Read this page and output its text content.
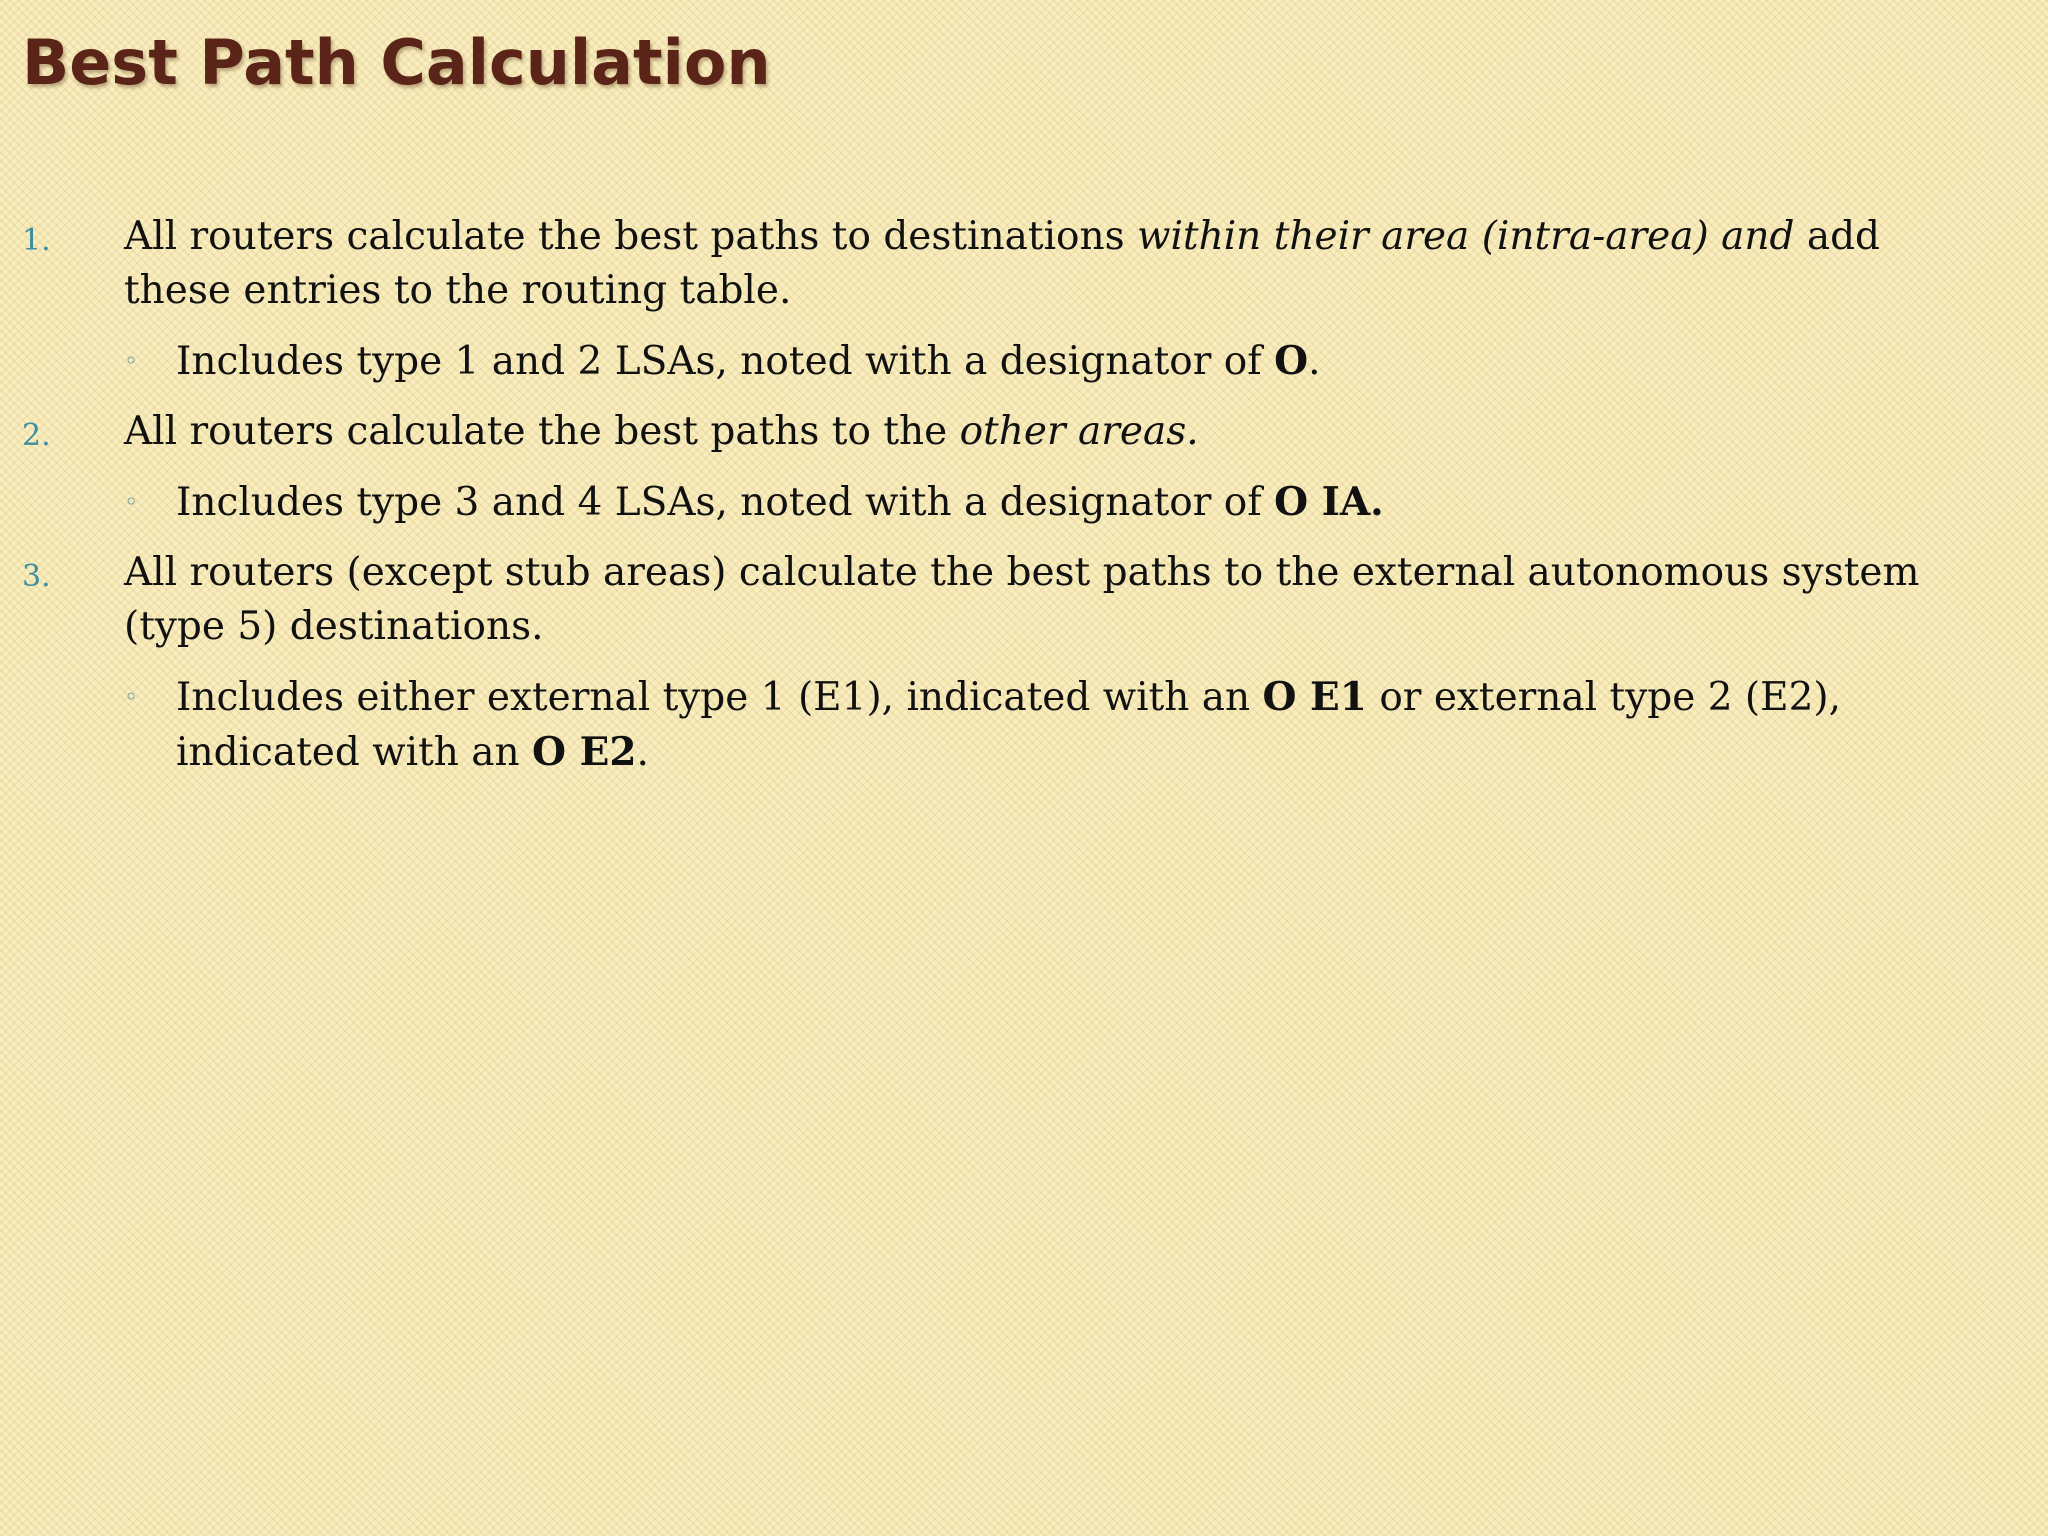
Best Path Calculation
1. All routers calculate the best paths to destinations within their area (intra-area) and add these entries to the routing table.
◦ Includes type 1 and 2 LSAs, noted with a designator of O.
2. All routers calculate the best paths to the other areas.
◦ Includes type 3 and 4 LSAs, noted with a designator of O IA.
3. All routers (except stub areas) calculate the best paths to the external autonomous system (type 5) destinations.
◦ Includes either external type 1 (E1), indicated with an O E1 or external type 2 (E2), indicated with an O E2.
